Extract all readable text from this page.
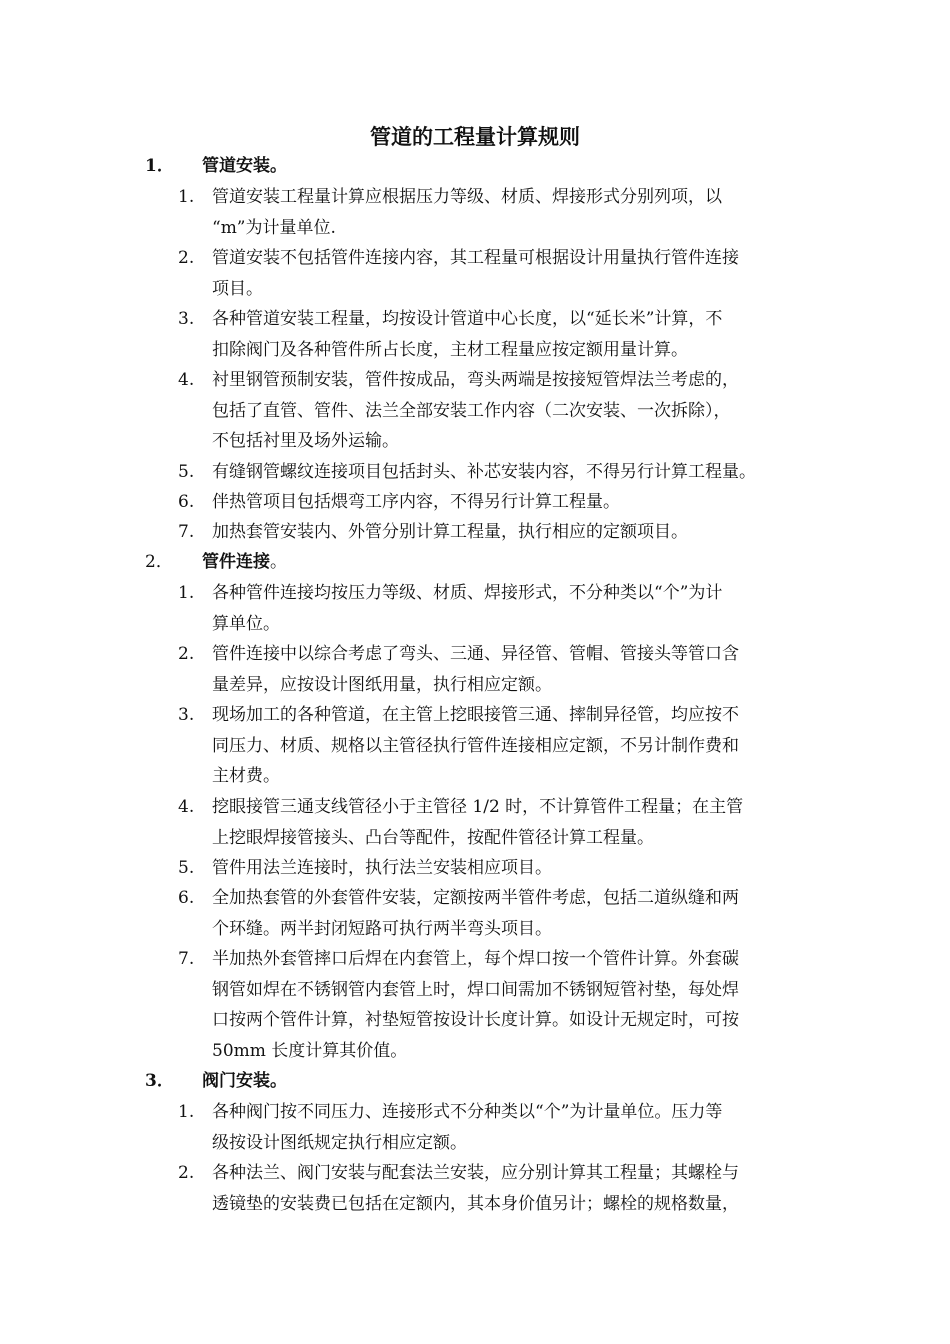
管道的工程量计算规则
1． 管道安装。
1. 管道安装工程量计算应根据压力等级、材质、焊接形式分别列项，以
“m”为计量单位.
2. 管道安装不包括管件连接内容，其工程量可根据设计用量执行管件连接
项目。
3. 各种管道安装工程量，均按设计管道中心长度，以“延长米”计算，不
扣除阀门及各种管件所占长度，主材工程量应按定额用量计算。
4. 衬里钢管预制安装，管件按成品，弯头两端是按接短管焊法兰考虑的，
包括了直管、管件、法兰全部安装工作内容（二次安装、一次拆除），
不包括衬里及场外运输。
5. 有缝钢管螺纹连接项目包括封头、补芯安装内容，不得另行计算工程量。
6. 伴热管项目包括煨弯工序内容，不得另行计算工程量。
7. 加热套管安装内、外管分别计算工程量，执行相应的定额项目。
2． 管件连接。
1. 各种管件连接均按压力等级、材质、焊接形式，不分种类以“个”为计
算单位。
2. 管件连接中以综合考虑了弯头、三通、异径管、管帽、管接头等管口含
量差异，应按设计图纸用量，执行相应定额。
3. 现场加工的各种管道，在主管上挖眼接管三通、摔制异径管，均应按不
同压力、材质、规格以主管径执行管件连接相应定额，不另计制作费和
主材费。
4. 挖眼接管三通支线管径小于主管径 1/2 时，不计算管件工程量；在主管
上挖眼焊接管接头、凸台等配件，按配件管径计算工程量。
5. 管件用法兰连接时，执行法兰安装相应项目。
6. 全加热套管的外套管件安装，定额按两半管件考虑，包括二道纵缝和两
个环缝。两半封闭短路可执行两半弯头项目。
7. 半加热外套管摔口后焊在内套管上，每个焊口按一个管件计算。外套碳
钢管如焊在不锈钢管内套管上时，焊口间需加不锈钢短管衬垫，每处焊
口按两个管件计算，衬垫短管按设计长度计算。如设计无规定时，可按
50mm 长度计算其价值。
3． 阀门安装。
1. 各种阀门按不同压力、连接形式不分种类以“个”为计量单位。压力等
级按设计图纸规定执行相应定额。
2. 各种法兰、阀门安装与配套法兰安装，应分别计算其工程量；其螺栓与
透镜垫的安装费已包括在定额内，其本身价值另计；螺栓的规格数量，
